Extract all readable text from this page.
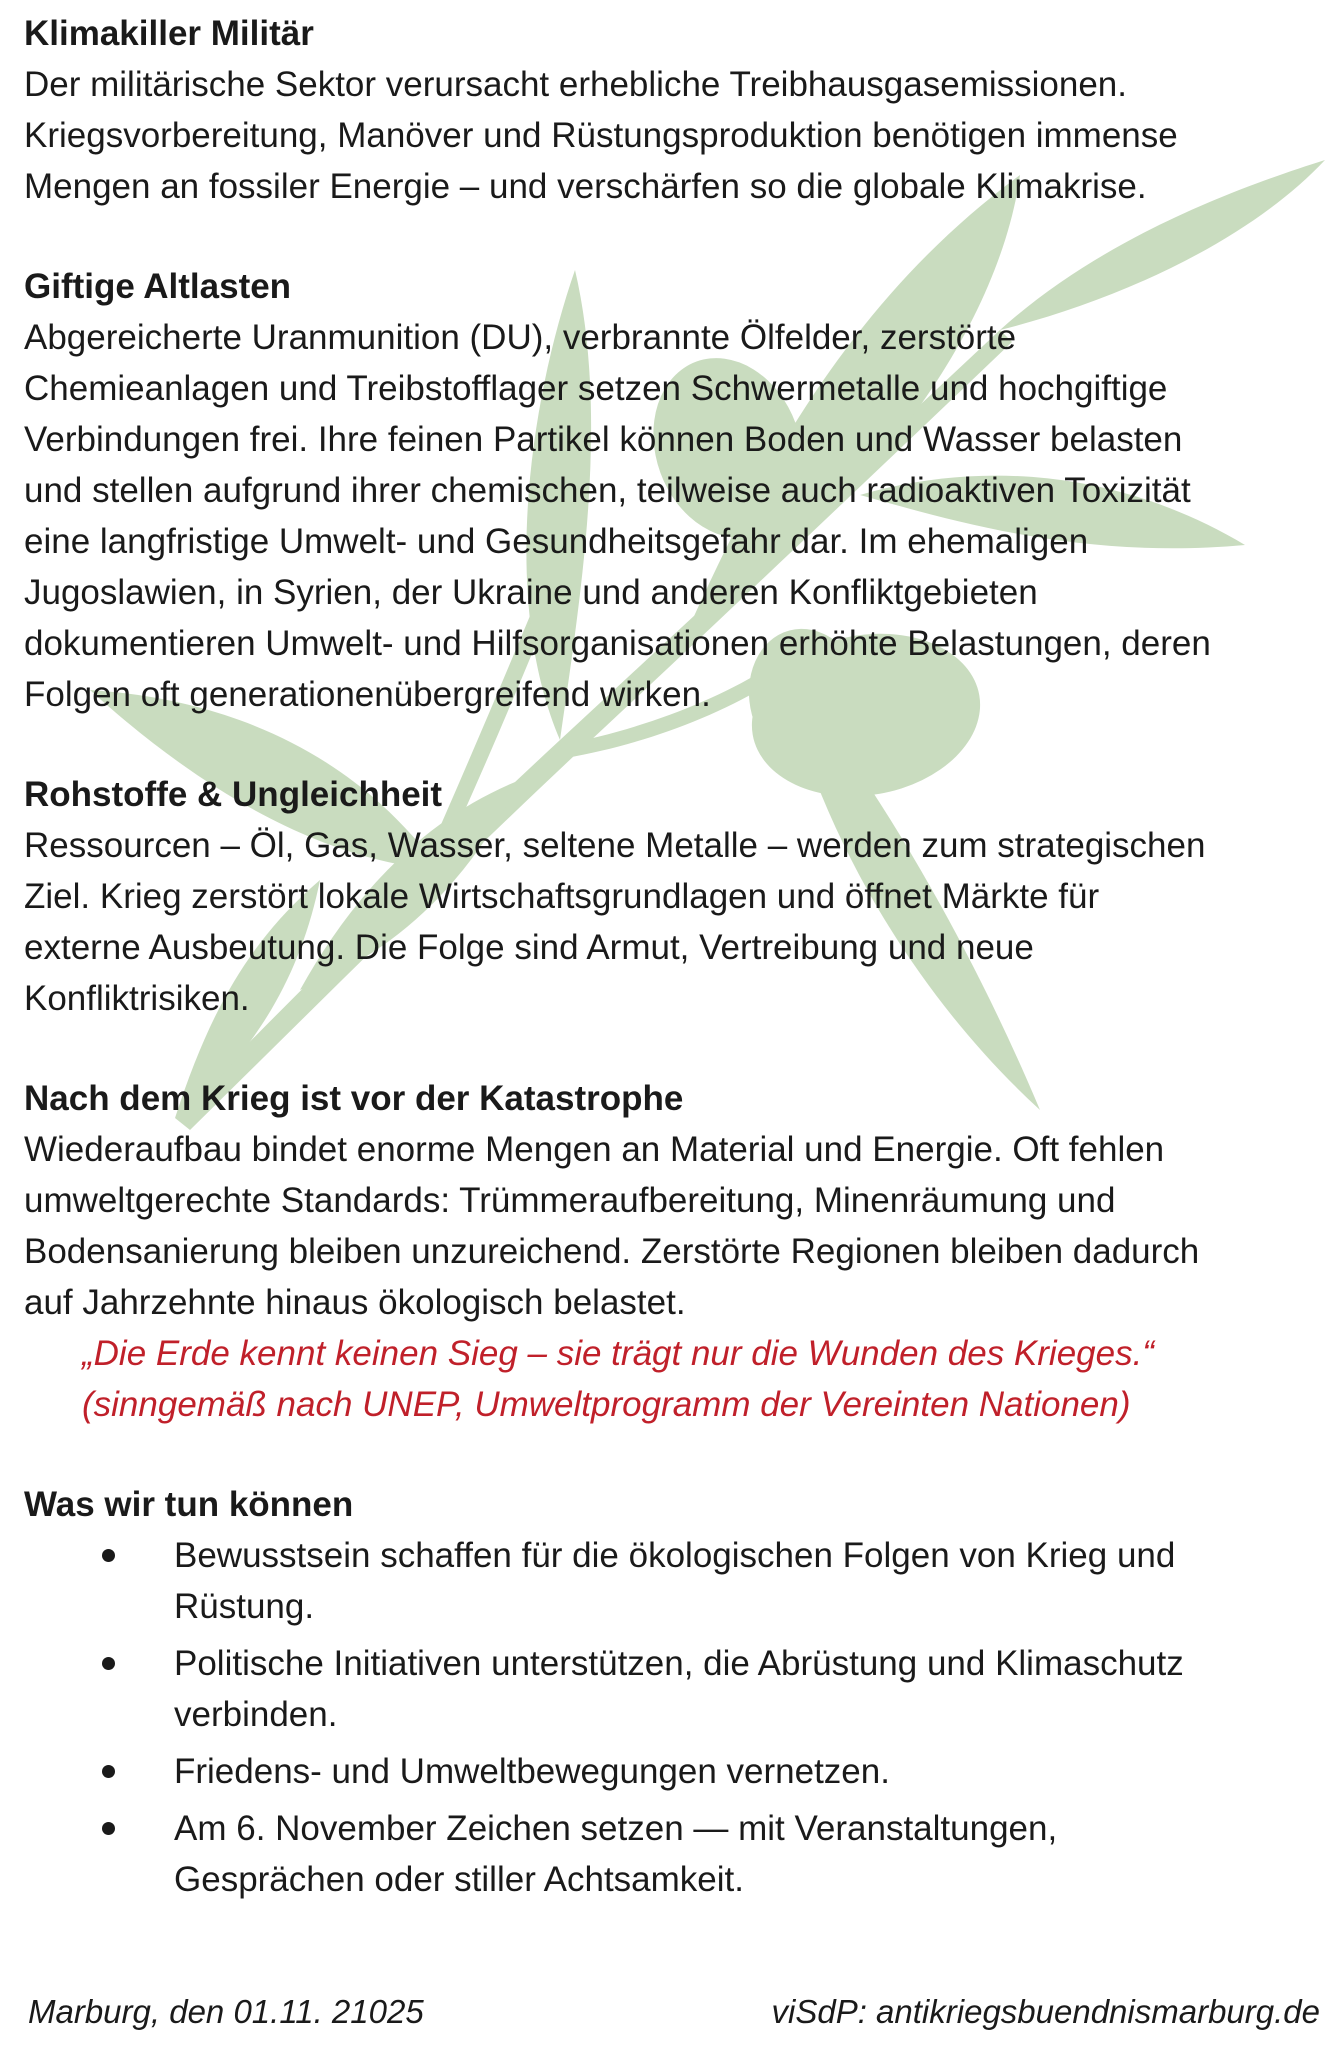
Klimakiller Militär
Der militärische Sektor verursacht erhebliche Treibhausgasemissionen.
Kriegsvorbereitung, Manöver und Rüstungsproduktion benötigen immense
Mengen an fossiler Energie – und verschärfen so die globale Klimakrise.
Giftige Altlasten
Abgereicherte Uranmunition (DU), verbrannte Ölfelder, zerstörte
Chemieanlagen und Treibstofflager setzen Schwermetalle und hochgiftige
Verbindungen frei. Ihre feinen Partikel können Boden und Wasser belasten
und stellen aufgrund ihrer chemischen, teilweise auch radioaktiven Toxizität
eine langfristige Umwelt- und Gesundheitsgefahr dar. Im ehemaligen
Jugoslawien, in Syrien, der Ukraine und anderen Konfliktgebieten
dokumentieren Umwelt- und Hilfsorganisationen erhöhte Belastungen, deren
Folgen oft generationenübergreifend wirken.
Rohstoffe & Ungleichheit
Ressourcen – Öl, Gas, Wasser, seltene Metalle – werden zum strategischen
Ziel. Krieg zerstört lokale Wirtschaftsgrundlagen und öffnet Märkte für
externe Ausbeutung. Die Folge sind Armut, Vertreibung und neue
Konfliktrisiken.
Nach dem Krieg ist vor der Katastrophe
Wiederaufbau bindet enorme Mengen an Material und Energie. Oft fehlen
umweltgerechte Standards: Trümmeraufbereitung, Minenräumung und
Bodensanierung bleiben unzureichend. Zerstörte Regionen bleiben dadurch
auf Jahrzehnte hinaus ökologisch belastet.
„Die Erde kennt keinen Sieg – sie trägt nur die Wunden des Krieges.“
(sinngemäß nach UNEP, Umweltprogramm der Vereinten Nationen)
Was wir tun können
Bewusstsein schaffen für die ökologischen Folgen von Krieg und
Rüstung.
Politische Initiativen unterstützen, die Abrüstung und Klimaschutz
verbinden.
Friedens- und Umweltbewegungen vernetzen.
Am 6. November Zeichen setzen — mit Veranstaltungen,
Gesprächen oder stiller Achtsamkeit.
Marburg, den 01.11. 21025	viSdP: antikriegsbuendnismarburg.de
